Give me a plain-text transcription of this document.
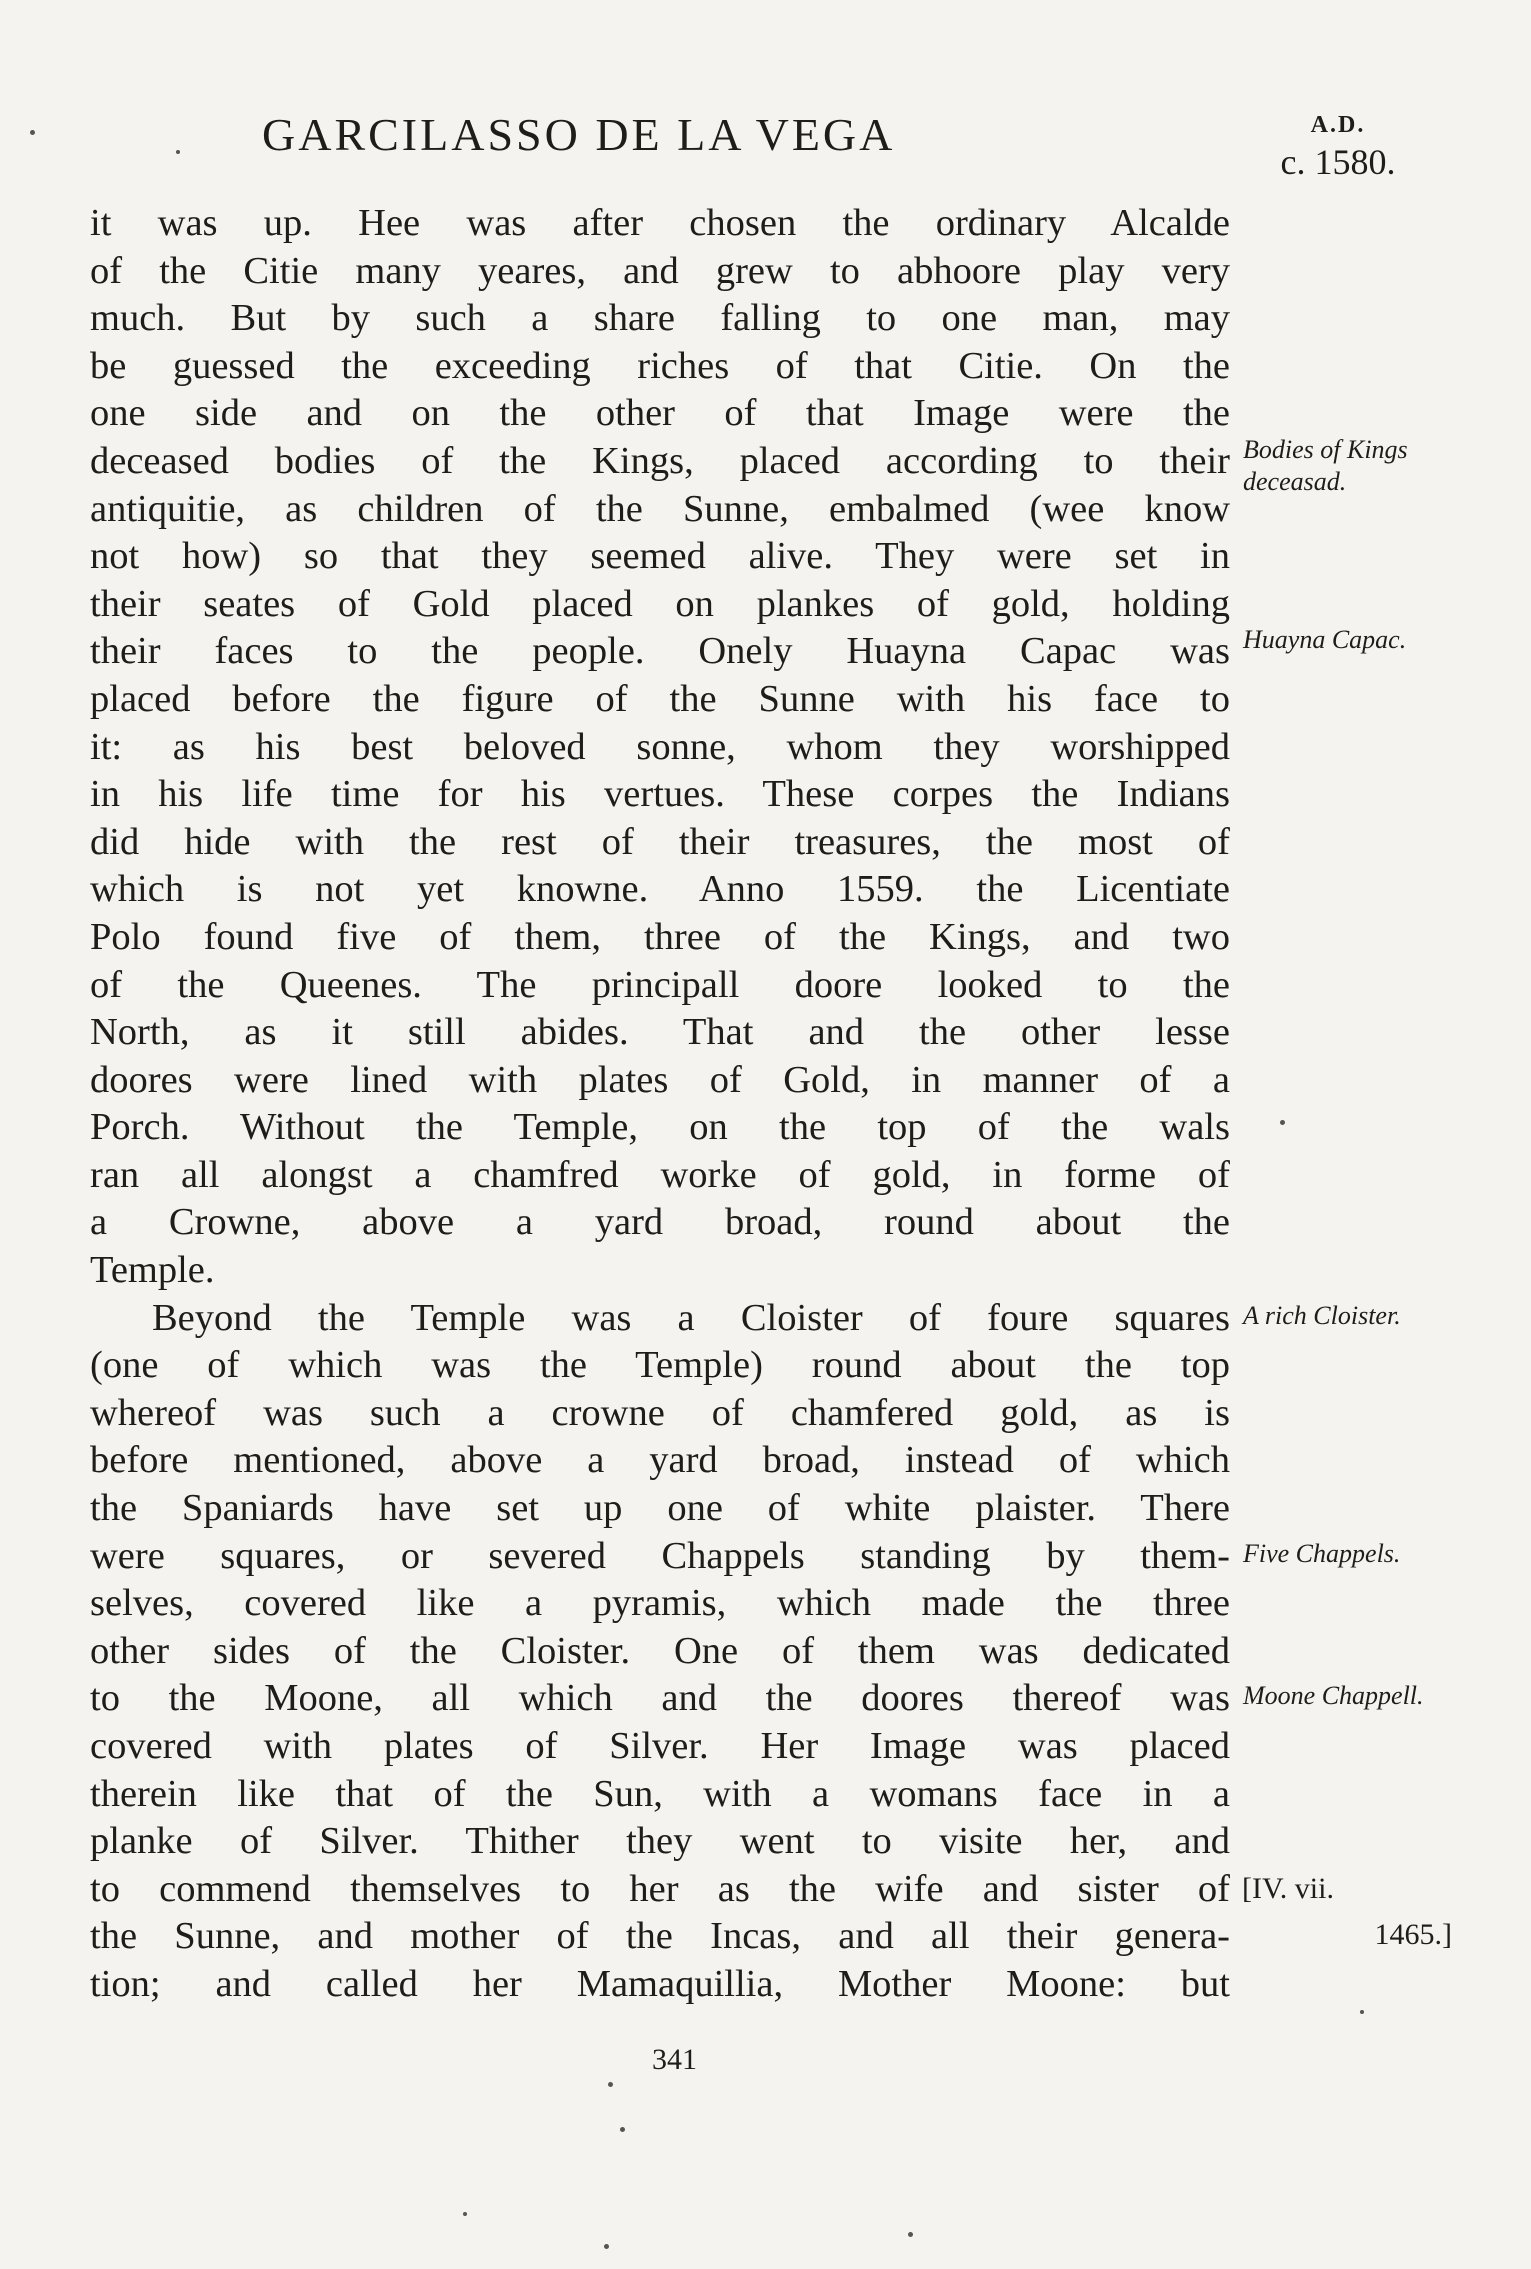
GARCILASSO DE LA VEGA	A.D.
c. 1580.
it was up. Hee was after chosen the ordinary Alcalde
of the Citie many yeares, and grew to abhoore play very
much. But by such a share falling to one man, may
be guessed the exceeding riches of that Citie. On the
one side and on the other of that Image were the
deceased bodies of the Kings, placed according to their
antiquitie, as children of the Sunne, embalmed (wee know
not how) so that they seemed alive. They were set in
their seates of Gold placed on plankes of gold, holding
their faces to the people. Onely Huayna Capac was
placed before the figure of the Sunne with his face to
it: as his best beloved sonne, whom they worshipped
in his life time for his vertues. These corpes the Indians
did hide with the rest of their treasures, the most of
which is not yet knowne. Anno 1559. the Licentiate
Polo found five of them, three of the Kings, and two
of the Queenes. The principall doore looked to the
North, as it still abides. That and the other lesse
doores were lined with plates of Gold, in manner of a
Porch. Without the Temple, on the top of the wals
ran all alongst a chamfred worke of gold, in forme of
a Crowne, above a yard broad, round about the
Temple.
Beyond the Temple was a Cloister of foure squares
(one of which was the Temple) round about the top
whereof was such a crowne of chamfered gold, as is
before mentioned, above a yard broad, instead of which
the Spaniards have set up one of white plaister. There
were squares, or severed Chappels standing by them-
selves, covered like a pyramis, which made the three
other sides of the Cloister. One of them was dedicated
to the Moone, all which and the doores thereof was
covered with plates of Silver. Her Image was placed
therein like that of the Sun, with a womans face in a
planke of Silver. Thither they went to visite her, and
to commend themselves to her as the wife and sister of
the Sunne, and mother of the Incas, and all their genera-
tion; and called her Mamaquillia, Mother Moone: but
Bodies of Kings deceasad.
Huayna Capac.
A rich Cloister.
Five Chappels.
Moone Chappell.
[IV. vii.
1465.]
341
